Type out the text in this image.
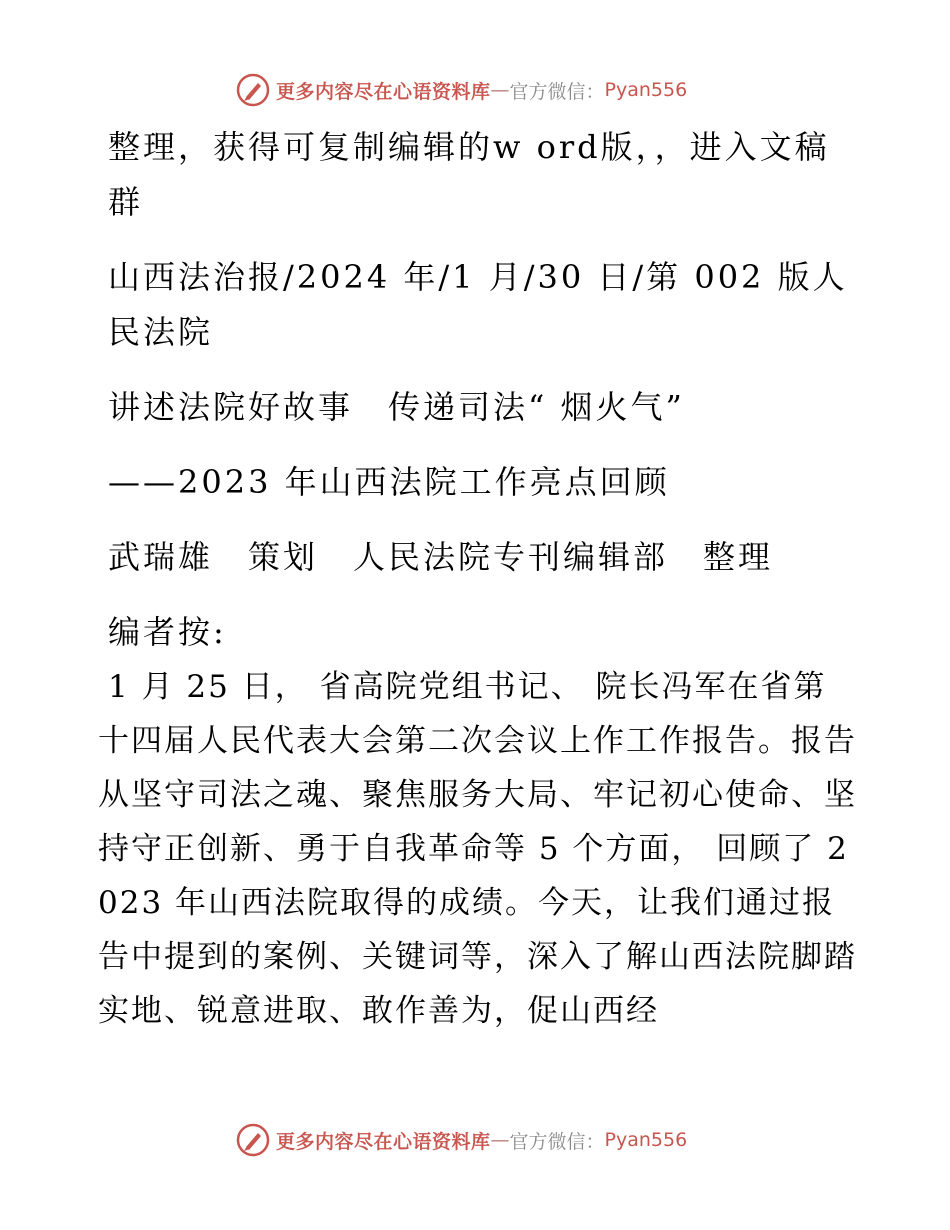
更多内容尽在心语资料库 — 官方微信： Pyan556

整理，获得可复制编辑的w ord版，，进入文稿群

山西法治报/2024 年/1 月/30 日/第 002 版人民法院

讲述法院好故事　传递司法“ 烟火气”

——2023 年山西法院工作亮点回顾

武瑞雄　策划　人民法院专刊编辑部　整理

编者按:

1 月 25 日， 省高院党组书记、 院长冯军在省第十四届人民代表大会第二次会议上作工作报告。报告从坚守司法之魂、聚焦服务大局、牢记初心使命、坚持守正创新、勇于自我革命等 5 个方面， 回顾了 2023 年山西法院取得的成绩。今天，让我们通过报告中提到的案例、关键词等，深入了解山西法院脚踏实地、锐意进取、敢作善为，促山西经

更多内容尽在心语资料库 — 官方微信： Pyan556
